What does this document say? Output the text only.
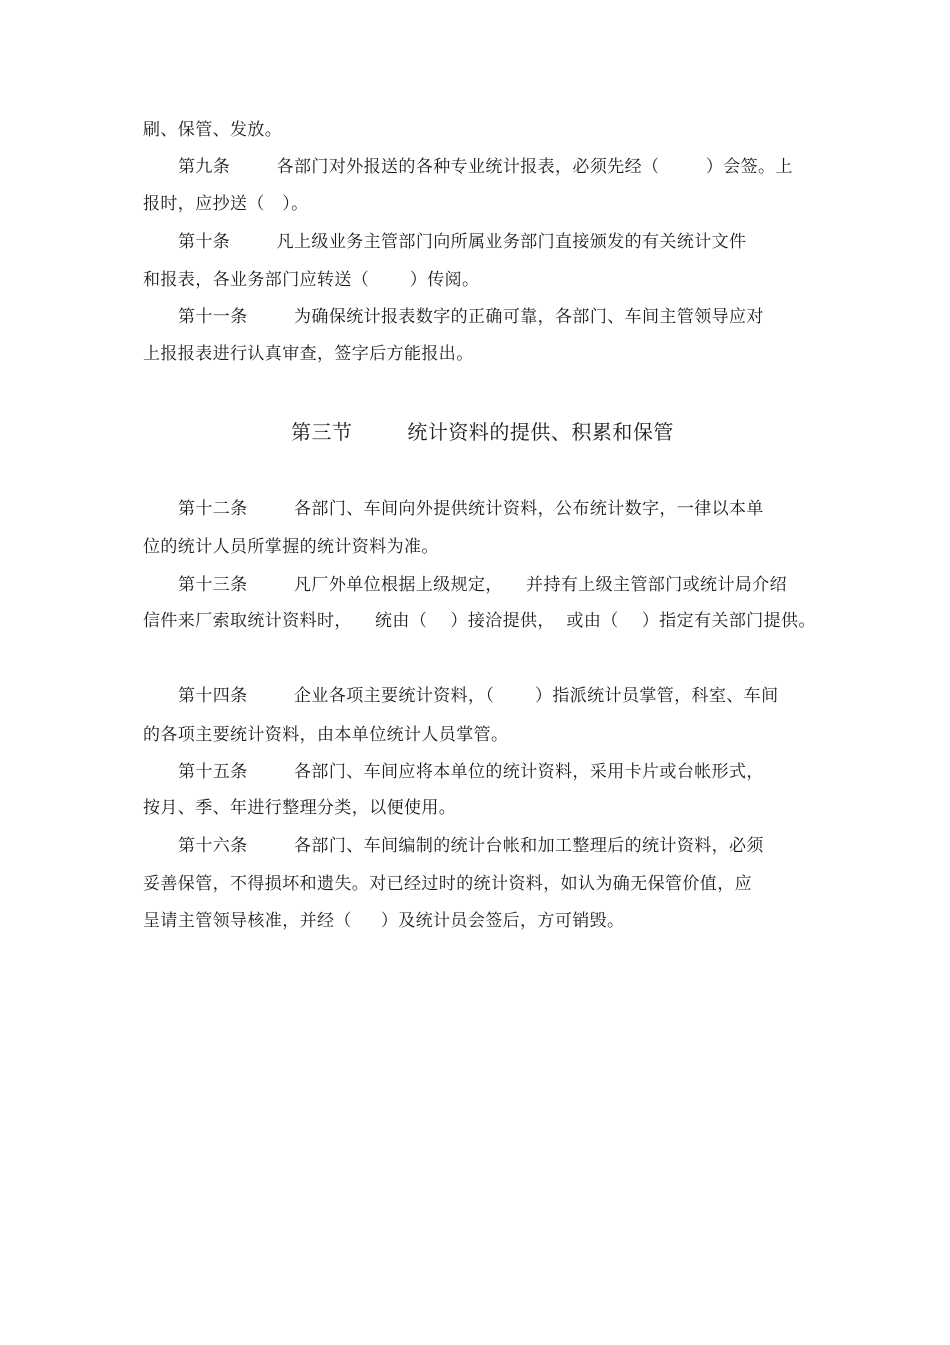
刷、保管、发放。
第九条        各部门对外报送的各种专业统计报表，必须先经（        ）会签。上
报时，应抄送（   ）。
第十条        凡上级业务主管部门向所属业务部门直接颁发的有关统计文件
和报表，各业务部门应转送（       ）传阅。
第十一条        为确保统计报表数字的正确可靠，各部门、车间主管领导应对
上报报表进行认真审查，签字后方能报出。
第三节        统计资料的提供、积累和保管
第十二条        各部门、车间向外提供统计资料，公布统计数字，一律以本单
位的统计人员所掌握的统计资料为准。
第十三条        凡厂外单位根据上级规定，    并持有上级主管部门或统计局介绍
信件来厂索取统计资料时，    统由（    ）接洽提供，  或由（    ）指定有关部门提供。
第十四条        企业各项主要统计资料，（       ）指派统计员掌管，科室、车间
的各项主要统计资料，由本单位统计人员掌管。
第十五条        各部门、车间应将本单位的统计资料，采用卡片或台帐形式，
按月、季、年进行整理分类，以便使用。
第十六条        各部门、车间编制的统计台帐和加工整理后的统计资料，必须
妥善保管，不得损坏和遗失。对已经过时的统计资料，如认为确无保管价值，应
呈请主管领导核准，并经（     ）及统计员会签后，方可销毁。
